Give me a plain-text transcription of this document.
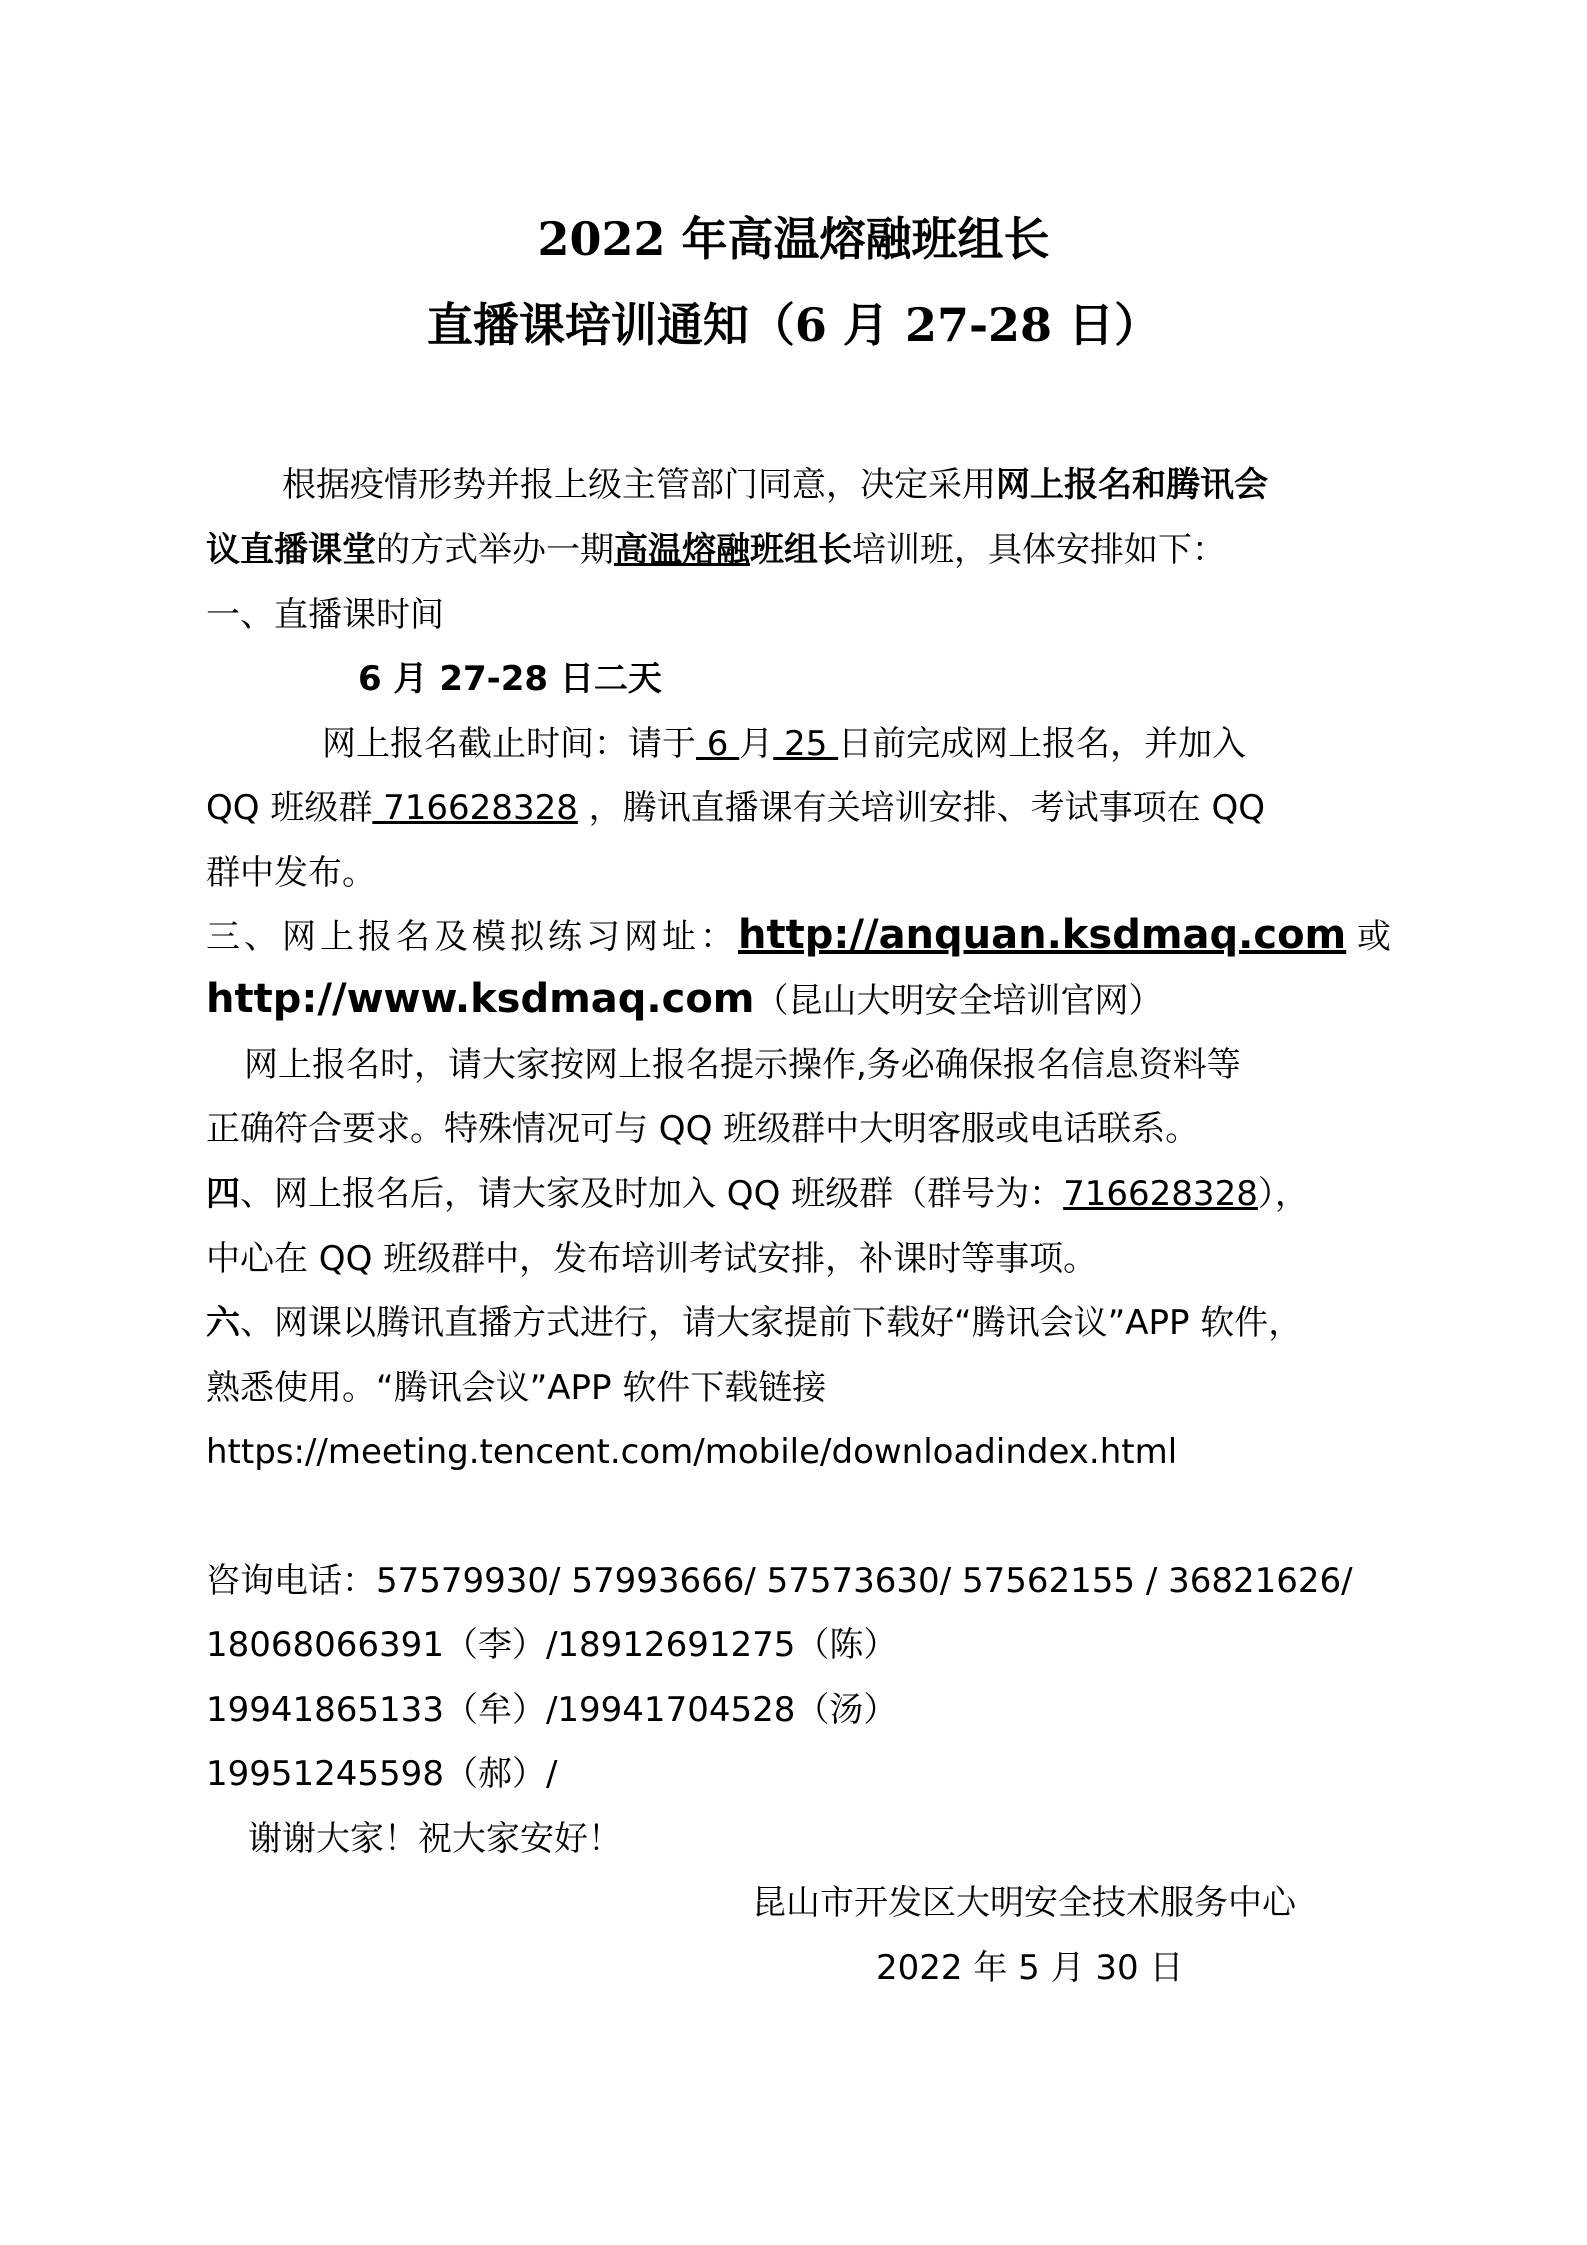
2022 年高温熔融班组长
直播课培训通知（6 月 27-28 日）
根据疫情形势并报上级主管部门同意，决定采用网上报名和腾讯会
议直播课堂的方式举办一期高温熔融班组长培训班，具体安排如下：
一、直播课时间
6 月 27-28 日二天
网上报名截止时间：请于 6 月 25 日前完成网上报名，并加入
QQ 班级群 716628328 ，腾讯直播课有关培训安排、考试事项在 QQ
群中发布。
三、网上报名及模拟练习网址：http://anquan.ksdmaq.com 或
http://www.ksdmaq.com（昆山大明安全培训官网）
网上报名时，请大家按网上报名提示操作,务必确保报名信息资料等
正确符合要求。特殊情况可与 QQ 班级群中大明客服或电话联系。
四、网上报名后，请大家及时加入 QQ 班级群（群号为：716628328），
中心在 QQ 班级群中，发布培训考试安排，补课时等事项。
六、网课以腾讯直播方式进行，请大家提前下载好“腾讯会议”APP 软件，
熟悉使用。“腾讯会议”APP 软件下载链接
https://meeting.tencent.com/mobile/downloadindex.html
咨询电话：57579930/ 57993666/ 57573630/ 57562155 / 36821626/
18068066391（李）/18912691275（陈）
19941865133（牟）/19941704528（汤）
19951245598（郝）/
谢谢大家！祝大家安好！
昆山市开发区大明安全技术服务中心
2022 年 5 月 30 日
